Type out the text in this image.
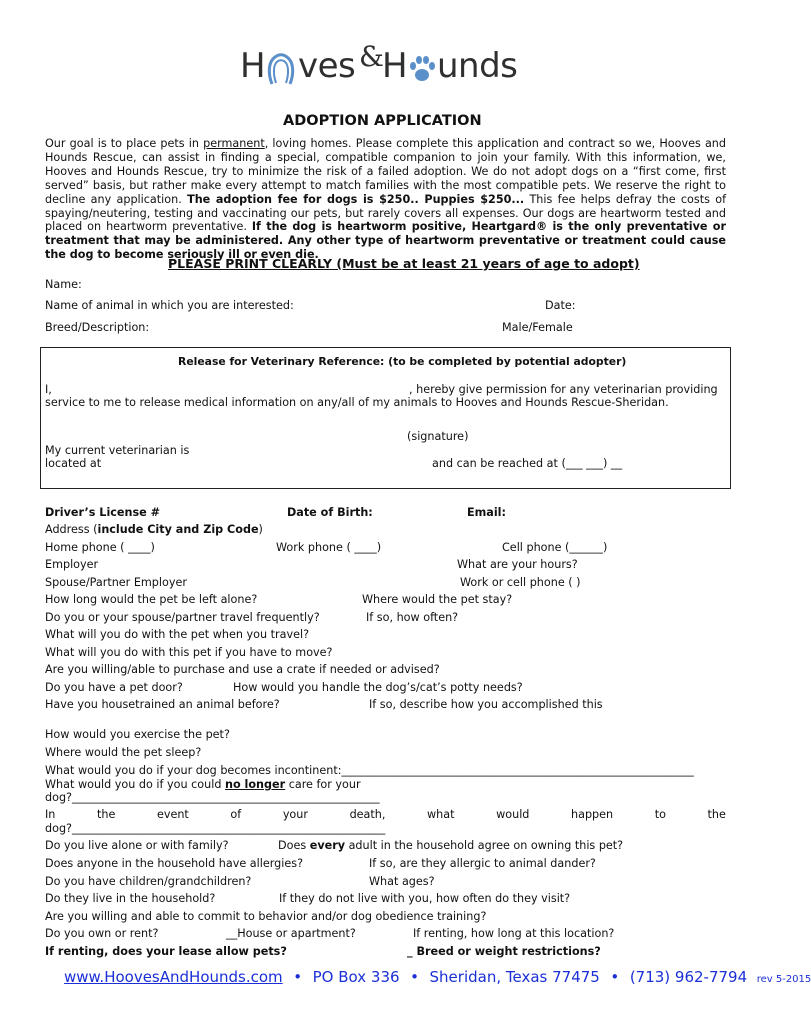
H ves &
H unds
ADOPTION APPLICATION

Our goal is to place pets in permanent, loving homes. Please complete this application and contract so we, Hooves and Hounds Rescue, can assist in finding a special, compatible companion to join your family. With this information, we, Hooves and Hounds Rescue, try to minimize the risk of a failed adoption. We do not adopt dogs on a “first come, first served” basis, but rather make every attempt to match families with the most compatible pets. We reserve the right to decline any application. The adoption fee for dogs is $250.. Puppies $250... This fee helps defray the costs of spaying/neutering, testing and vaccinating our pets, but rarely covers all expenses. Our dogs are heartworm tested and placed on heartworm preventative. If the dog is heartworm positive, Heartgard® is the only preventative or treatment that may be administered. Any other type of heartworm preventative or treatment could cause the dog to become seriously ill or even die.

PLEASE PRINT CLEARLY (Must be at least 21 years of age to adopt)
Name:
Name of animal in which you are interested:	Date:
Breed/Description:	Male/Female
Release for Veterinary Reference: (to be completed by potential adopter)
I,	, hereby give permission for any veterinarian providing
service to me to release medical information on any/all of my animals to Hooves and Hounds Rescue-Sheridan.
(signature)
My current veterinarian is
located at	and can be reached at (___ ___) __
Driver’s License #	Date of Birth:	Email:
Address (include City and Zip Code)
Home phone ( ____)	Work phone ( ____)	Cell phone (______)
Employer	What are your hours?
Spouse/Partner Employer	Work or cell phone ( )
How long would the pet be left alone?	Where would the pet stay?
Do you or your spouse/partner travel frequently?	If so, how often?
What will you do with the pet when you travel?
What will you do with this pet if you have to move?
Are you willing/able to purchase and use a crate if needed or advised?
Do you have a pet door?	How would you handle the dog’s/cat’s potty needs?
Have you housetrained an animal before?	If so, describe how you accomplished this
How would you exercise the pet?
Where would the pet sleep?
What would you do if your dog becomes incontinent:_______________________________________________________________
What would you do if you could no longer care for your
dog?_______________________________________________________
In	the	event	of	your	death,	what	would	happen	to	the
dog?________________________________________________________
Do you live alone or with family?	Does every adult in the household agree on owning this pet?
Does anyone in the household have allergies?	If so, are they allergic to animal dander?
Do you have children/grandchildren?	What ages?
Do they live in the household?	If they do not live with you, how often do they visit?
Are you willing and able to commit to behavior and/or dog obedience training?
Do you own or rent?	__House or apartment?	If renting, how long at this location?
If renting, does your lease allow pets?	_ Breed or weight restrictions?
www.HoovesAndHounds.com • PO Box 336 • Sheridan, Texas 77475 • (713) 962-7794 rev 5-2015
